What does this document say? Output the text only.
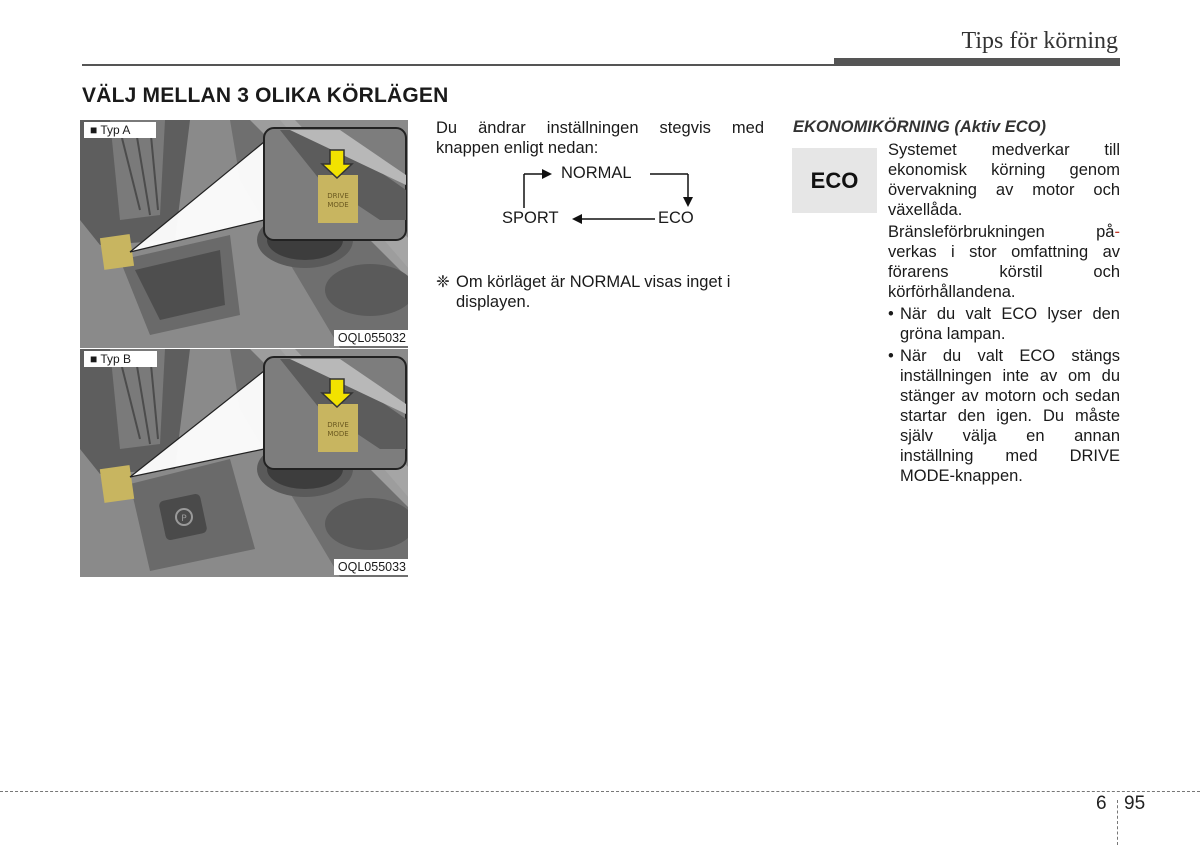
Tips för körning
VÄLJ MELLAN 3 OLIKA KÖRLÄGEN
DRIVE
MODE
■ Typ A
OQL055032
P
DRIVE
MODE
■ Typ B
OQL055033
Du ändrar inställningen stegvis med knappen enligt nedan:
NORMAL
SPORT	ECO
❈ Om körläget är NORMAL visas inget i displayen.
EKONOMIKÖRNING (Aktiv ECO)
ECO
Systemet medverkar till ekonomisk körning genom övervakning av motor och växellåda.
Bränsleförbrukningen på-
verkas i stor omfattning av förarens körstil och körförhållandena.
• När du valt ECO lyser den gröna lampan.
• När du valt ECO stängs inställningen inte av om du stänger av motorn och sedan startar den igen. Du måste själv välja en annan inställning med DRIVE MODE-knappen.
6 95
